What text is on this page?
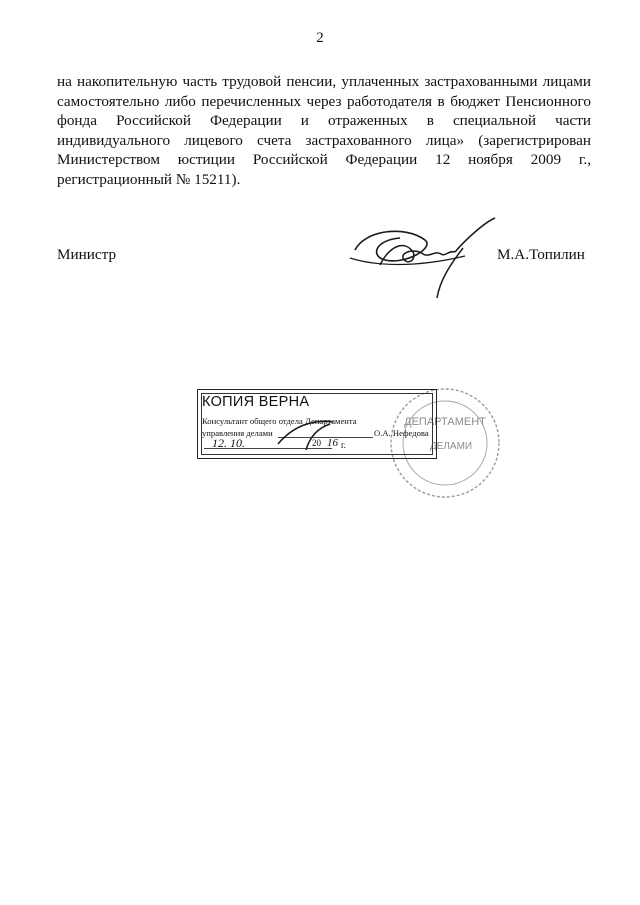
2
на накопительную часть трудовой пенсии, уплаченных застрахованными лицами
самостоятельно либо перечисленных через работодателя в бюджет Пенсионного
фонда Российской Федерации и отраженных в специальной части
индивидуального лицевого счета застрахованного лица» (зарегистрирован
Министерством юстиции Российской Федерации 12 ноября 2009 г.,
регистрационный № 15211).
Министр	М.А.Топилин
ДЕПАРТАМЕНТ
ДЕЛАМИ
КОПИЯ ВЕРНА
Консультант общего отдела Департамента
управления делами	О.А. Нефедова
12. 10.	20 16 г.
